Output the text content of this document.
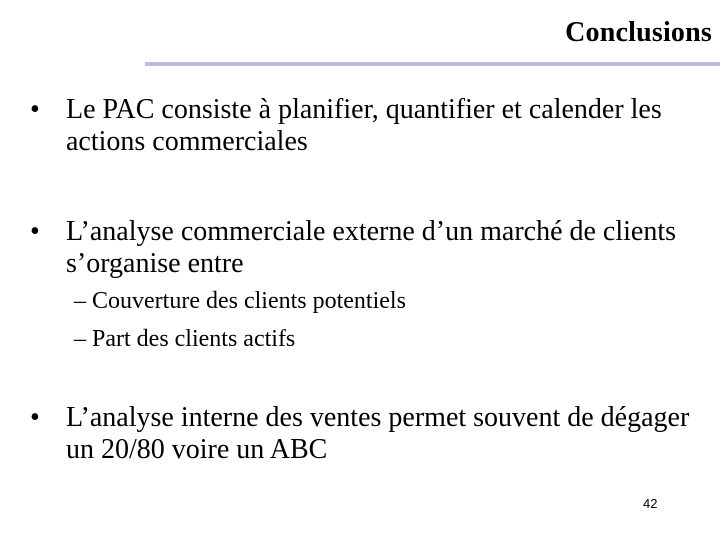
Conclusions
• Le PAC consiste à planifier, quantifier et calender les actions commerciales
• L’analyse commerciale externe d’un marché de clients s’organise entre
– Couverture des clients potentiels
– Part des clients actifs
• L’analyse interne des ventes permet souvent de dégager un 20/80 voire un ABC
42
